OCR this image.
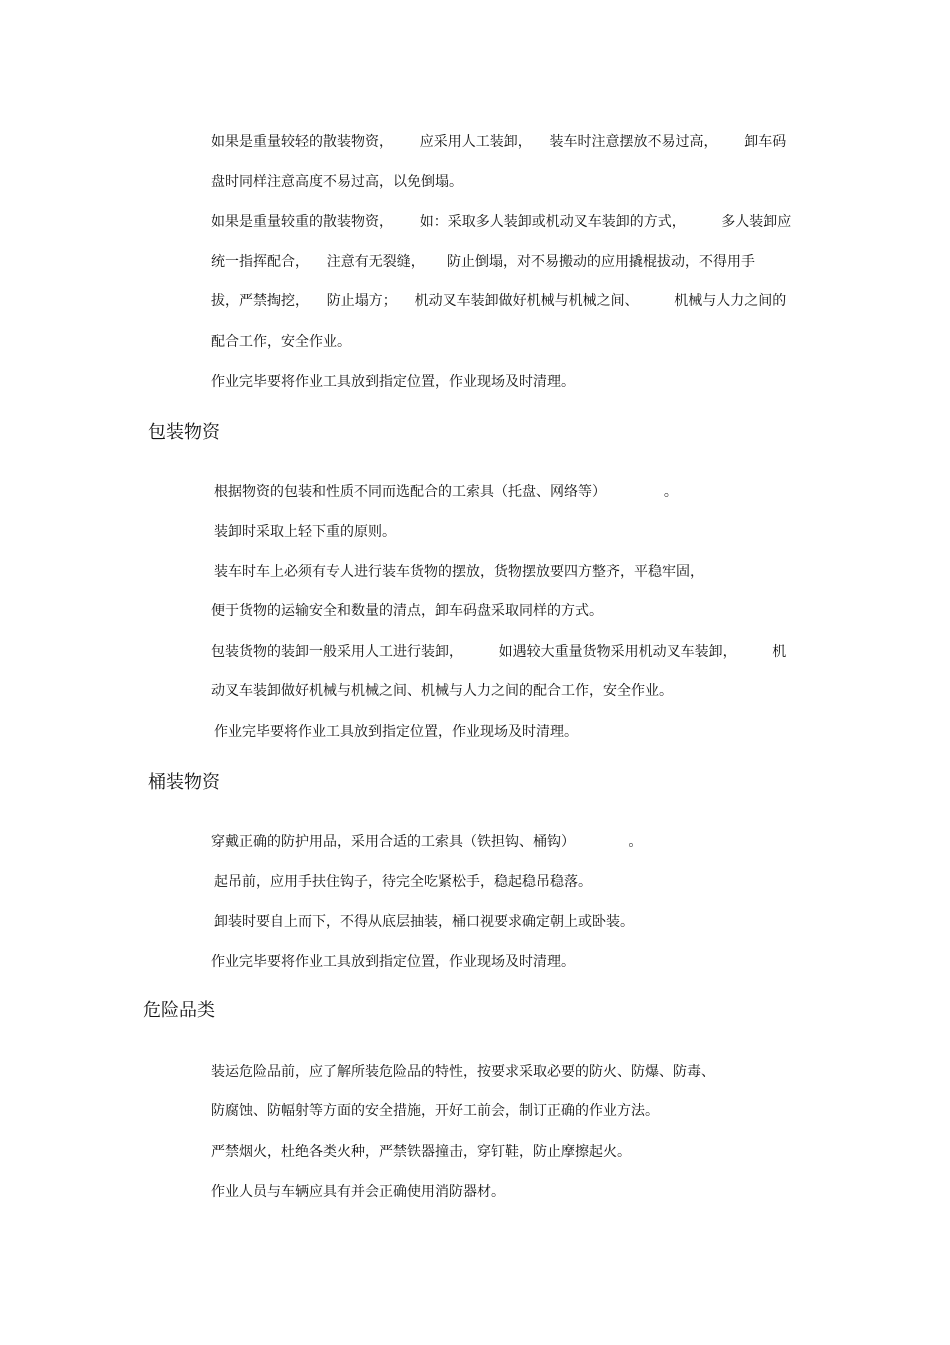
如果是重量较轻的散装物资，      应采用人工装卸，    装车时注意摆放不易过高，      卸车码
盘时同样注意高度不易过高，以免倒塌。
如果是重量较重的散装物资，      如：采取多人装卸或机动叉车装卸的方式，        多人装卸应
统一指挥配合，    注意有无裂缝，     防止倒塌，对不易搬动的应用撬棍拔动，不得用手
拔，严禁掏挖，    防止塌方；    机动叉车装卸做好机械与机械之间、        机械与人力之间的
配合工作，安全作业。
作业完毕要将作业工具放到指定位置，作业现场及时清理。
包装物资
根据物资的包装和性质不同而选配合的工索具（托盘、网络等）             。
装卸时采取上轻下重的原则。
装车时车上必须有专人进行装车货物的摆放，货物摆放要四方整齐，平稳牢固，
便于货物的运输安全和数量的清点，卸车码盘采取同样的方式。
包装货物的装卸一般采用人工进行装卸，        如遇较大重量货物采用机动叉车装卸，        机
动叉车装卸做好机械与机械之间、机械与人力之间的配合工作，安全作业。
作业完毕要将作业工具放到指定位置，作业现场及时清理。
桶装物资
穿戴正确的防护用品，采用合适的工索具（铁担钩、桶钩）            。
起吊前，应用手扶住钩子，待完全吃紧松手，稳起稳吊稳落。
卸装时要自上而下，不得从底层抽装，桶口视要求确定朝上或卧装。
作业完毕要将作业工具放到指定位置，作业现场及时清理。
危险品类
装运危险品前，应了解所装危险品的特性，按要求采取必要的防火、防爆、防毒、
防腐蚀、防幅射等方面的安全措施，开好工前会，制订正确的作业方法。
严禁烟火，杜绝各类火种，严禁铁器撞击，穿钉鞋，防止摩擦起火。
作业人员与车辆应具有并会正确使用消防器材。
